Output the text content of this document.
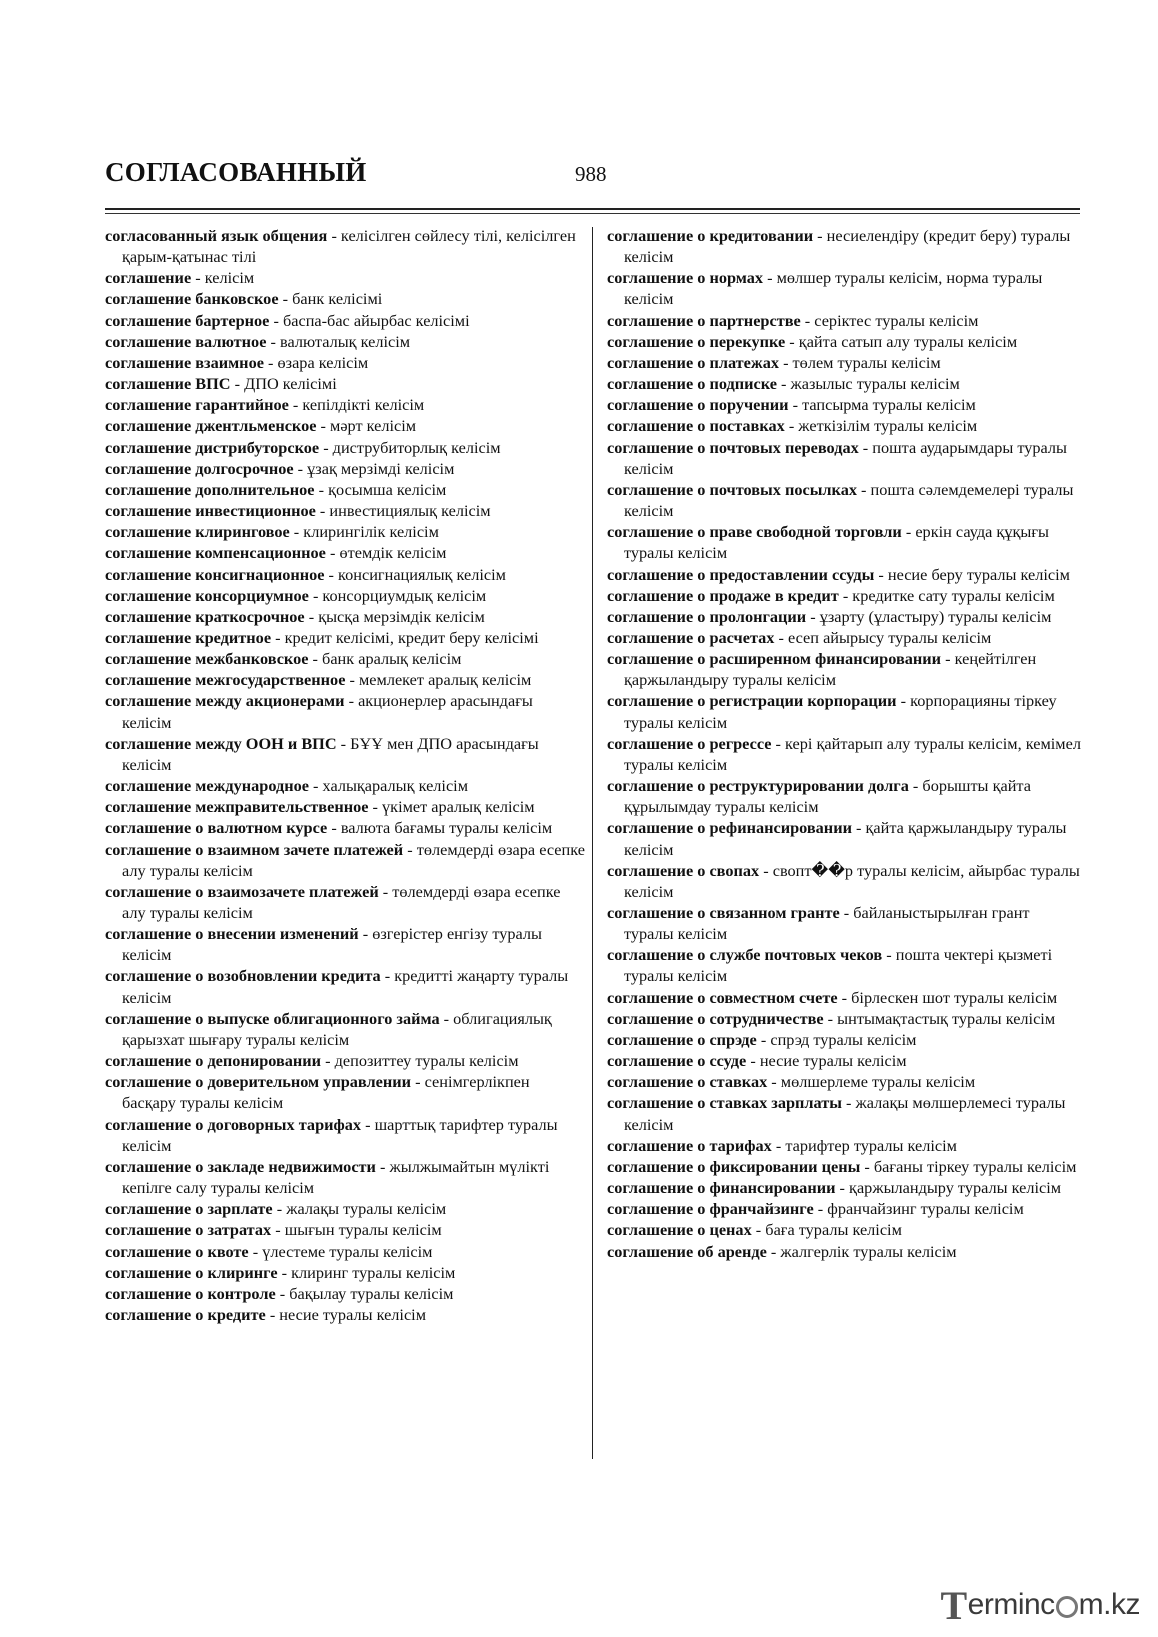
СОГЛАСОВАННЫЙ	988

согласованный язык общения - келісілген сөйлесу тілі, келісілген қарым-қатынас тілі

соглашение - келісім

соглашение банковское - банк келісімі

соглашение бартерное - баспа-бас айырбас келісімі

соглашение валютное - валюталық келісім

соглашение взаимное - өзара келісім

соглашение ВПС - ДПО келісімі

соглашение гарантийное - кепілдікті келісім

соглашение джентльменское - мәрт келісім

соглашение дистрибуторское - диструбиторлық келісім

соглашение долгосрочное - ұзақ мерзімді келісім

соглашение дополнительное - қосымша келісім

соглашение инвестиционное - инвестициялық келісім

соглашение клиринговое - клирингілік келісім

соглашение компенсационное - өтемдік келісім

соглашение консигнационное - консигнациялық келісім

соглашение консорциумное - консорциумдық келісім

соглашение краткосрочное - қысқа мерзімдік келісім

соглашение кредитное - кредит келісімі, кредит беру келісімі

соглашение межбанковское - банк аралық келісім

соглашение межгосударственное - мемлекет аралық келісім

соглашение между акционерами - акционерлер арасындағы келісім

соглашение между ООН и ВПС - БҰҰ мен ДПО арасындағы келісім

соглашение международное - халықаралық келісім

соглашение межправительственное - үкімет аралық келісім

соглашение о валютном курсе - валюта бағамы туралы келісім

соглашение о взаимном зачете платежей - төлемдерді өзара есепке алу туралы келісім

соглашение о взаимозачете платежей - төлемдерді өзара есепке алу туралы келісім

соглашение о внесении изменений - өзгерістер енгізу туралы келісім

соглашение о возобновлении кредита - кредитті жаңарту туралы келісім

соглашение о выпуске облигационного займа - облигациялық қарызхат шығару туралы келісім

соглашение о депонировании - депозиттеу туралы келісім

соглашение о доверительном управлении - сенімгерлікпен басқару туралы келісім

соглашение о договорных тарифах - шарттық тарифтер туралы келісім

соглашение о закладе недвижимости - жылжымайтын мүлікті кепілге салу туралы келісім

соглашение о зарплате - жалақы туралы келісім

соглашение о затратах - шығын туралы келісім

соглашение о квоте - үлестеме туралы келісім

соглашение о клиринге - клиринг туралы келісім

соглашение о контроле - бақылау туралы келісім

соглашение о кредите - несие туралы келісім

соглашение о кредитовании - несиелендіру (кредит беру) туралы келісім

соглашение о нормах - мөлшер туралы келісім, норма туралы келісім

соглашение о партнерстве - серіктес туралы келісім

соглашение о перекупке - қайта сатып алу туралы келісім

соглашение о платежах - төлем туралы келісім

соглашение о подписке - жазылыс туралы келісім

соглашение о поручении - тапсырма туралы келісім

соглашение о поставках - жеткізілім туралы келісім

соглашение о почтовых переводах - пошта аударымдары туралы келісім

соглашение о почтовых посылках - пошта сәлемдемелері туралы келісім

соглашение о праве свободной торговли - еркін сауда құқығы туралы келісім

соглашение о предоставлении ссуды - несие беру туралы келісім

соглашение о продаже в кредит - кредитке сату туралы келісім

соглашение о пролонгации - ұзарту (ұластыру) туралы келісім

соглашение о расчетах - есеп айырысу туралы келісім

соглашение о расширенном финансировании - кеңейтілген қаржыландыру туралы келісім

соглашение о регистрации корпорации - корпорацияны тіркеу туралы келісім

соглашение о регрессе - кері қайтарып алу туралы келісім, кемімел туралы келісім

соглашение о реструктурировании долга - борышты қайта құрылымдау туралы келісім

соглашение о рефинансировании - қайта қаржыландыру туралы келісім

соглашение о свопах - свопт��р туралы келісім, айырбас туралы келісім

соглашение о связанном гранте - байланыстырылған грант туралы келісім

соглашение о службе почтовых чеков - пошта чектері қызметі туралы келісім

соглашение о совместном счете - бірлескен шот туралы келісім

соглашение о сотрудничестве - ынтымақтастық туралы келісім

соглашение о спрэде - спрэд туралы келісім

соглашение о ссуде - несие туралы келісім

соглашение о ставках - мөлшерлеме туралы келісім

соглашение о ставках зарплаты - жалақы мөлшерлемесі туралы келісім

соглашение о тарифах - тарифтер туралы келісім

соглашение о фиксировании цены - бағаны тіркеу туралы келісім

соглашение о финансировании - қаржыландыру туралы келісім

соглашение о франчайзинге - франчайзинг туралы келісім

соглашение о ценах - баға туралы келісім

соглашение об аренде - жалгерлік туралы келісім

T erminc m.kz
